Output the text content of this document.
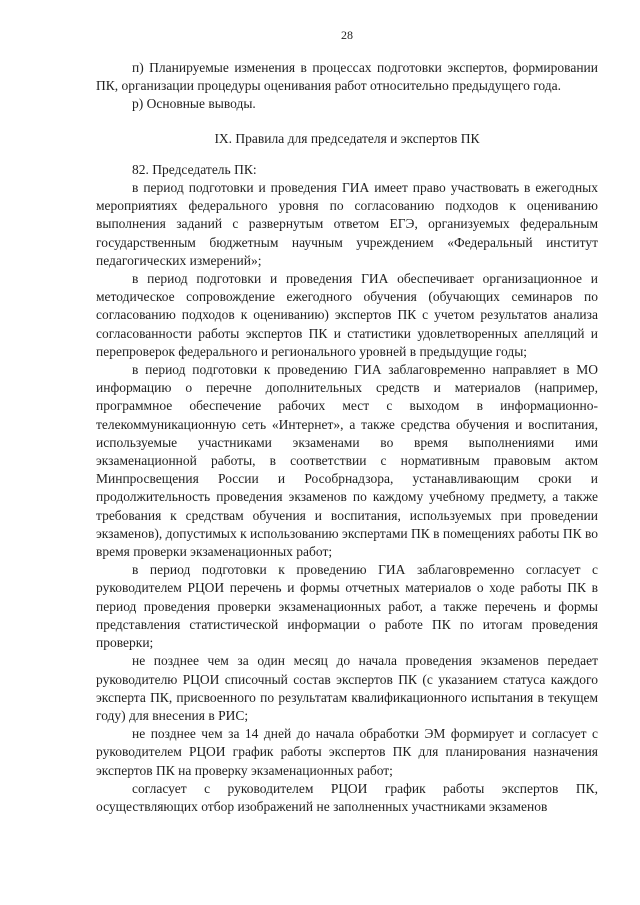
28

п) Планируемые изменения в процессах подготовки экспертов, формировании ПК, организации процедуры оценивания работ относительно предыдущего года.

р) Основные выводы.

IX. Правила для председателя и экспертов ПК

82. Председатель ПК:

в период подготовки и проведения ГИА имеет право участвовать в ежегодных мероприятиях федерального уровня по согласованию подходов к оцениванию выполнения заданий с развернутым ответом ЕГЭ, организуемых федеральным государственным бюджетным научным учреждением «Федеральный институт педагогических измерений»;

в период подготовки и проведения ГИА обеспечивает организационное и методическое сопровождение ежегодного обучения (обучающих семинаров по согласованию подходов к оцениванию) экспертов ПК с учетом результатов анализа согласованности работы экспертов ПК и статистики удовлетворенных апелляций и перепроверок федерального и регионального уровней в предыдущие годы;

в период подготовки к проведению ГИА заблаговременно направляет в МО информацию о перечне дополнительных средств и материалов (например, программное обеспечение рабочих мест с выходом в информационно-телекоммуникационную сеть «Интернет», а также средства обучения и воспитания, используемые участниками экзаменами во время выполнениями ими экзаменационной работы, в соответствии с нормативным правовым актом Минпросвещения России и Рособрнадзора, устанавливающим сроки и продолжительность проведения экзаменов по каждому учебному предмету, а также требования к средствам обучения и воспитания, используемых при проведении экзаменов), допустимых к использованию экспертами ПК в помещениях работы ПК во время проверки экзаменационных работ;

в период подготовки к проведению ГИА заблаговременно согласует с руководителем РЦОИ перечень и формы отчетных материалов о ходе работы ПК в период проведения проверки экзаменационных работ, а также перечень и формы представления статистической информации о работе ПК по итогам проведения проверки;

не позднее чем за один месяц до начала проведения экзаменов передает руководителю РЦОИ списочный состав экспертов ПК (с указанием статуса каждого эксперта ПК, присвоенного по результатам квалификационного испытания в текущем году) для внесения в РИС;

не позднее чем за 14 дней до начала обработки ЭМ формирует и согласует с руководителем РЦОИ график работы экспертов ПК для планирования назначения экспертов ПК на проверку экзаменационных работ;

согласует с руководителем РЦОИ график работы экспертов ПК, осуществляющих отбор изображений не заполненных участниками экзаменов
